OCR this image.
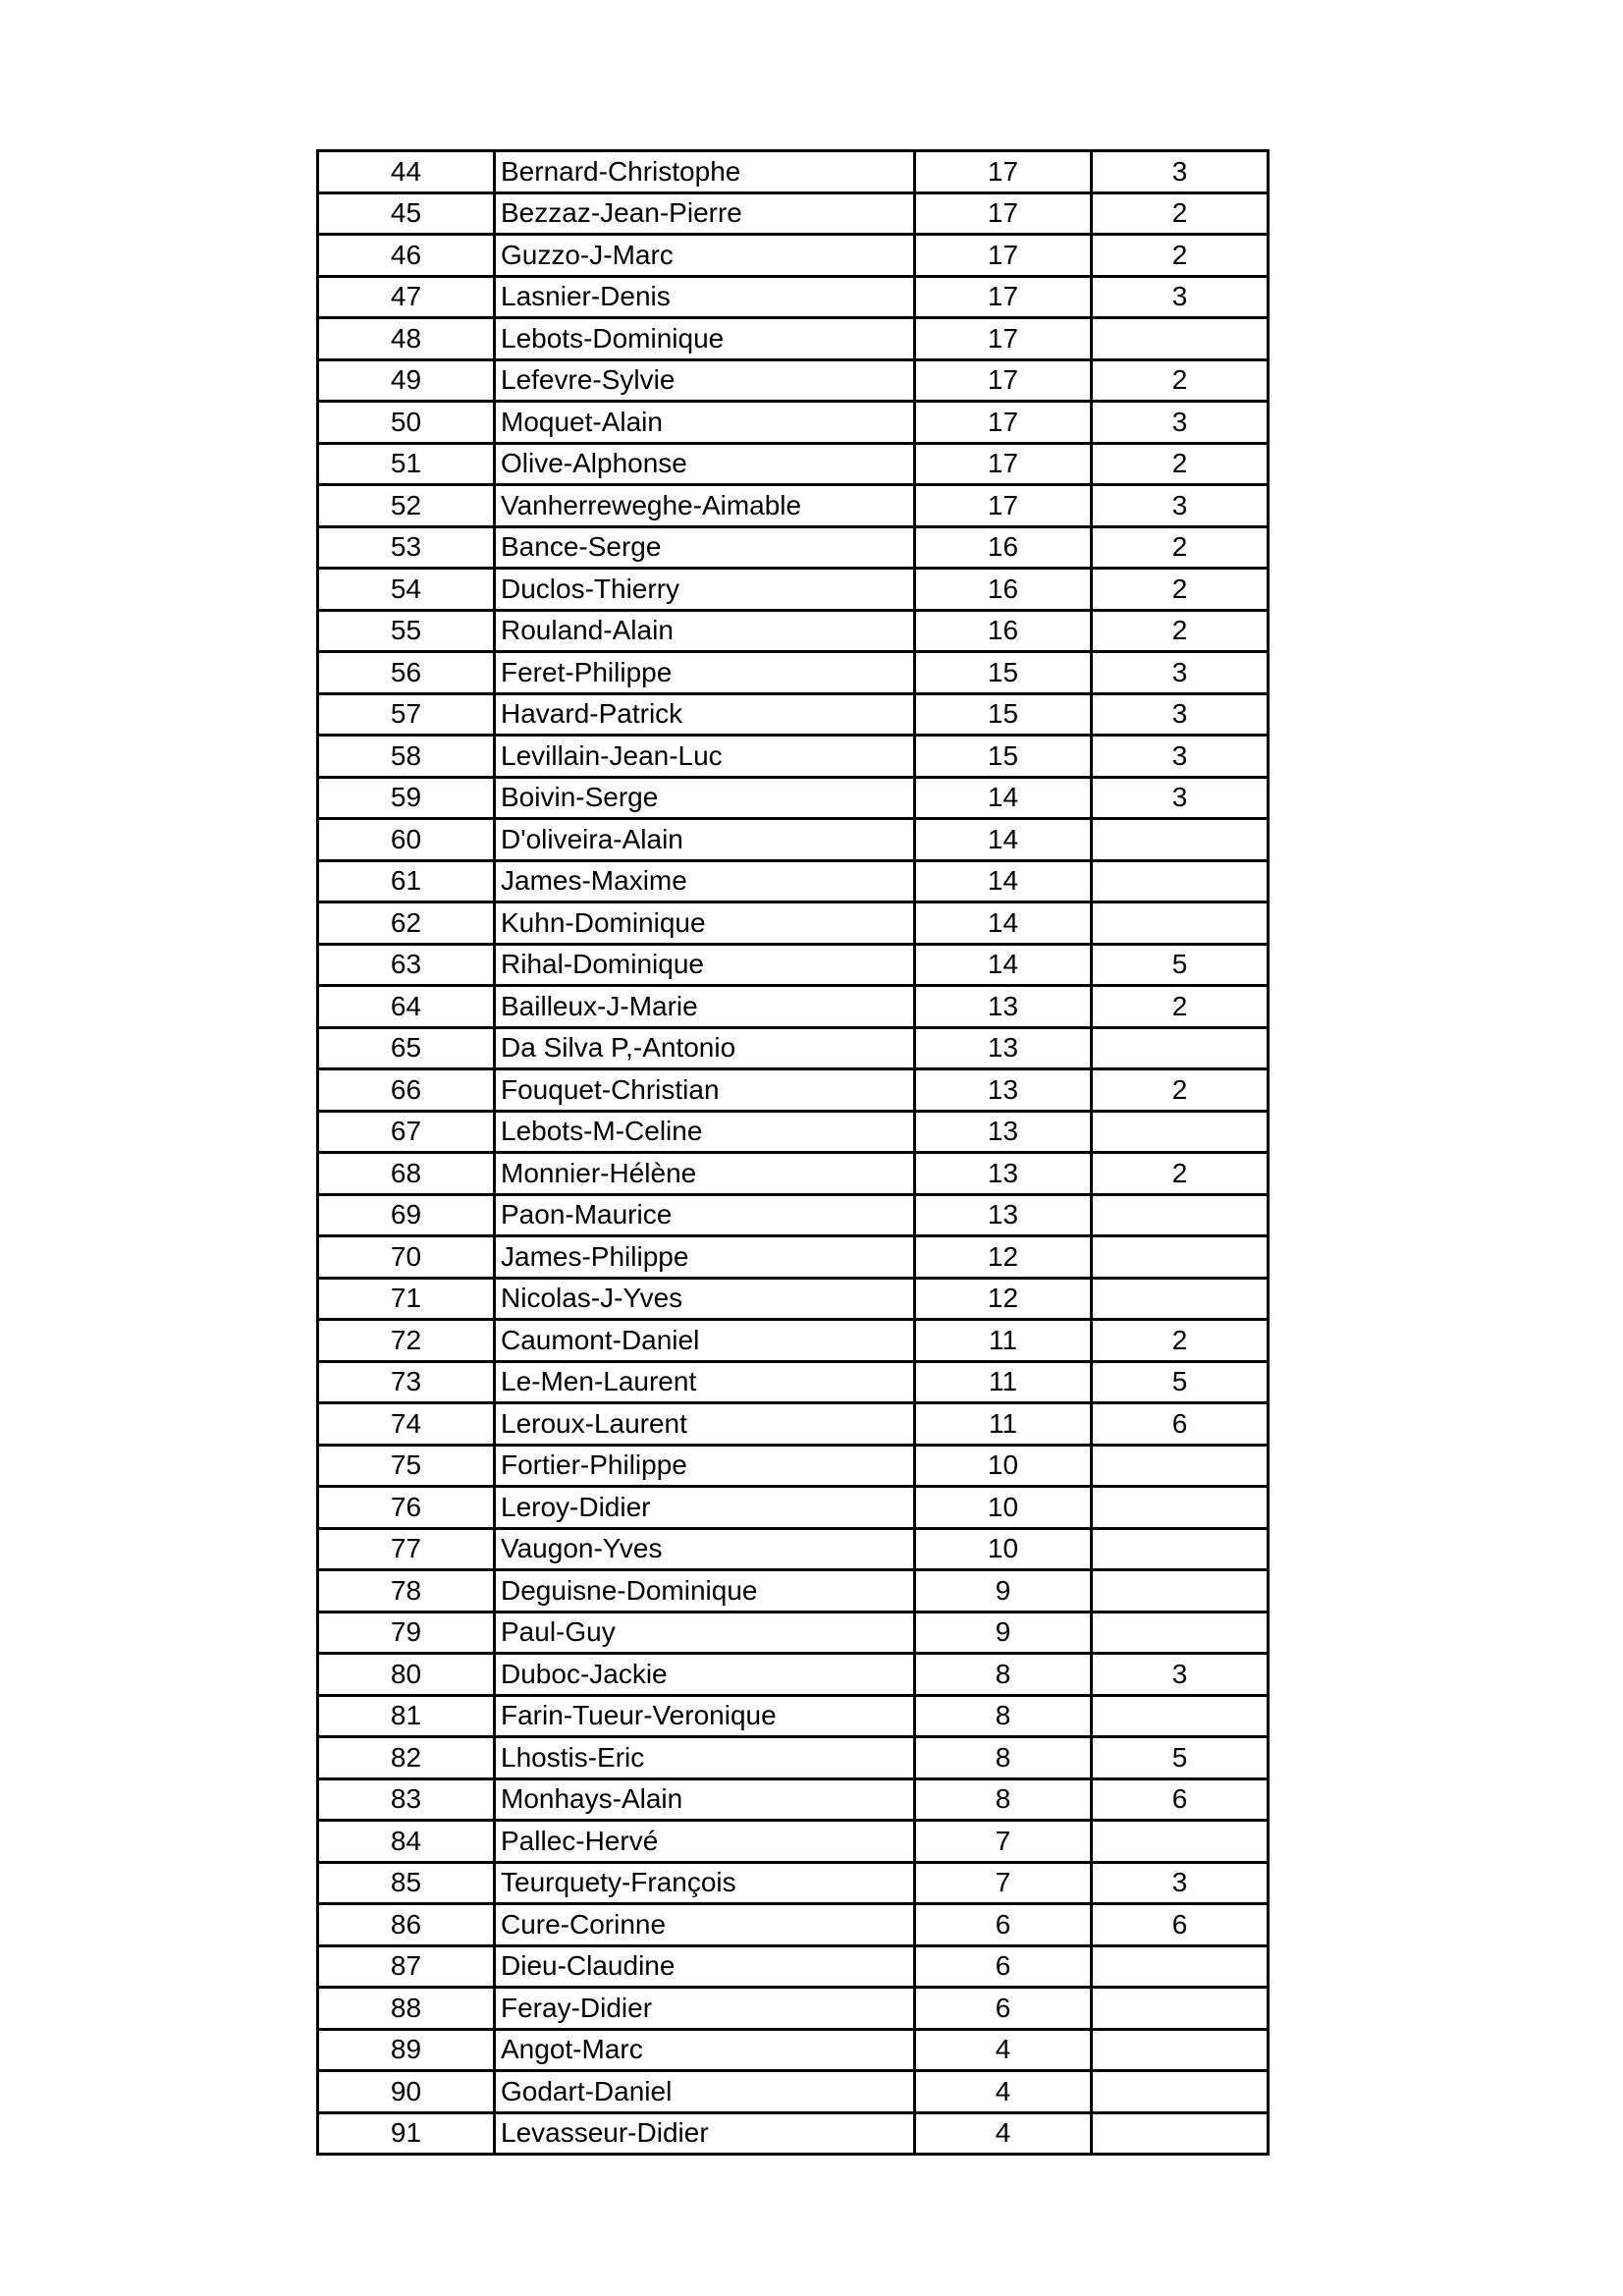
44	Bernard-Christophe	17	3
45	Bezzaz-Jean-Pierre	17	2
46	Guzzo-J-Marc	17	2
47	Lasnier-Denis	17	3
48	Lebots-Dominique	17	
49	Lefevre-Sylvie	17	2
50	Moquet-Alain	17	3
51	Olive-Alphonse	17	2
52	Vanherreweghe-Aimable	17	3
53	Bance-Serge	16	2
54	Duclos-Thierry	16	2
55	Rouland-Alain	16	2
56	Feret-Philippe	15	3
57	Havard-Patrick	15	3
58	Levillain-Jean-Luc	15	3
59	Boivin-Serge	14	3
60	D'oliveira-Alain	14	
61	James-Maxime	14	
62	Kuhn-Dominique	14	
63	Rihal-Dominique	14	5
64	Bailleux-J-Marie	13	2
65	Da Silva P,-Antonio	13	
66	Fouquet-Christian	13	2
67	Lebots-M-Celine	13	
68	Monnier-Hélène	13	2
69	Paon-Maurice	13	
70	James-Philippe	12	
71	Nicolas-J-Yves	12	
72	Caumont-Daniel	11	2
73	Le-Men-Laurent	11	5
74	Leroux-Laurent	11	6
75	Fortier-Philippe	10	
76	Leroy-Didier	10	
77	Vaugon-Yves	10	
78	Deguisne-Dominique	9	
79	Paul-Guy	9	
80	Duboc-Jackie	8	3
81	Farin-Tueur-Veronique	8	
82	Lhostis-Eric	8	5
83	Monhays-Alain	8	6
84	Pallec-Hervé	7	
85	Teurquety-François	7	3
86	Cure-Corinne	6	6
87	Dieu-Claudine	6	
88	Feray-Didier	6	
89	Angot-Marc	4	
90	Godart-Daniel	4	
91	Levasseur-Didier	4	
